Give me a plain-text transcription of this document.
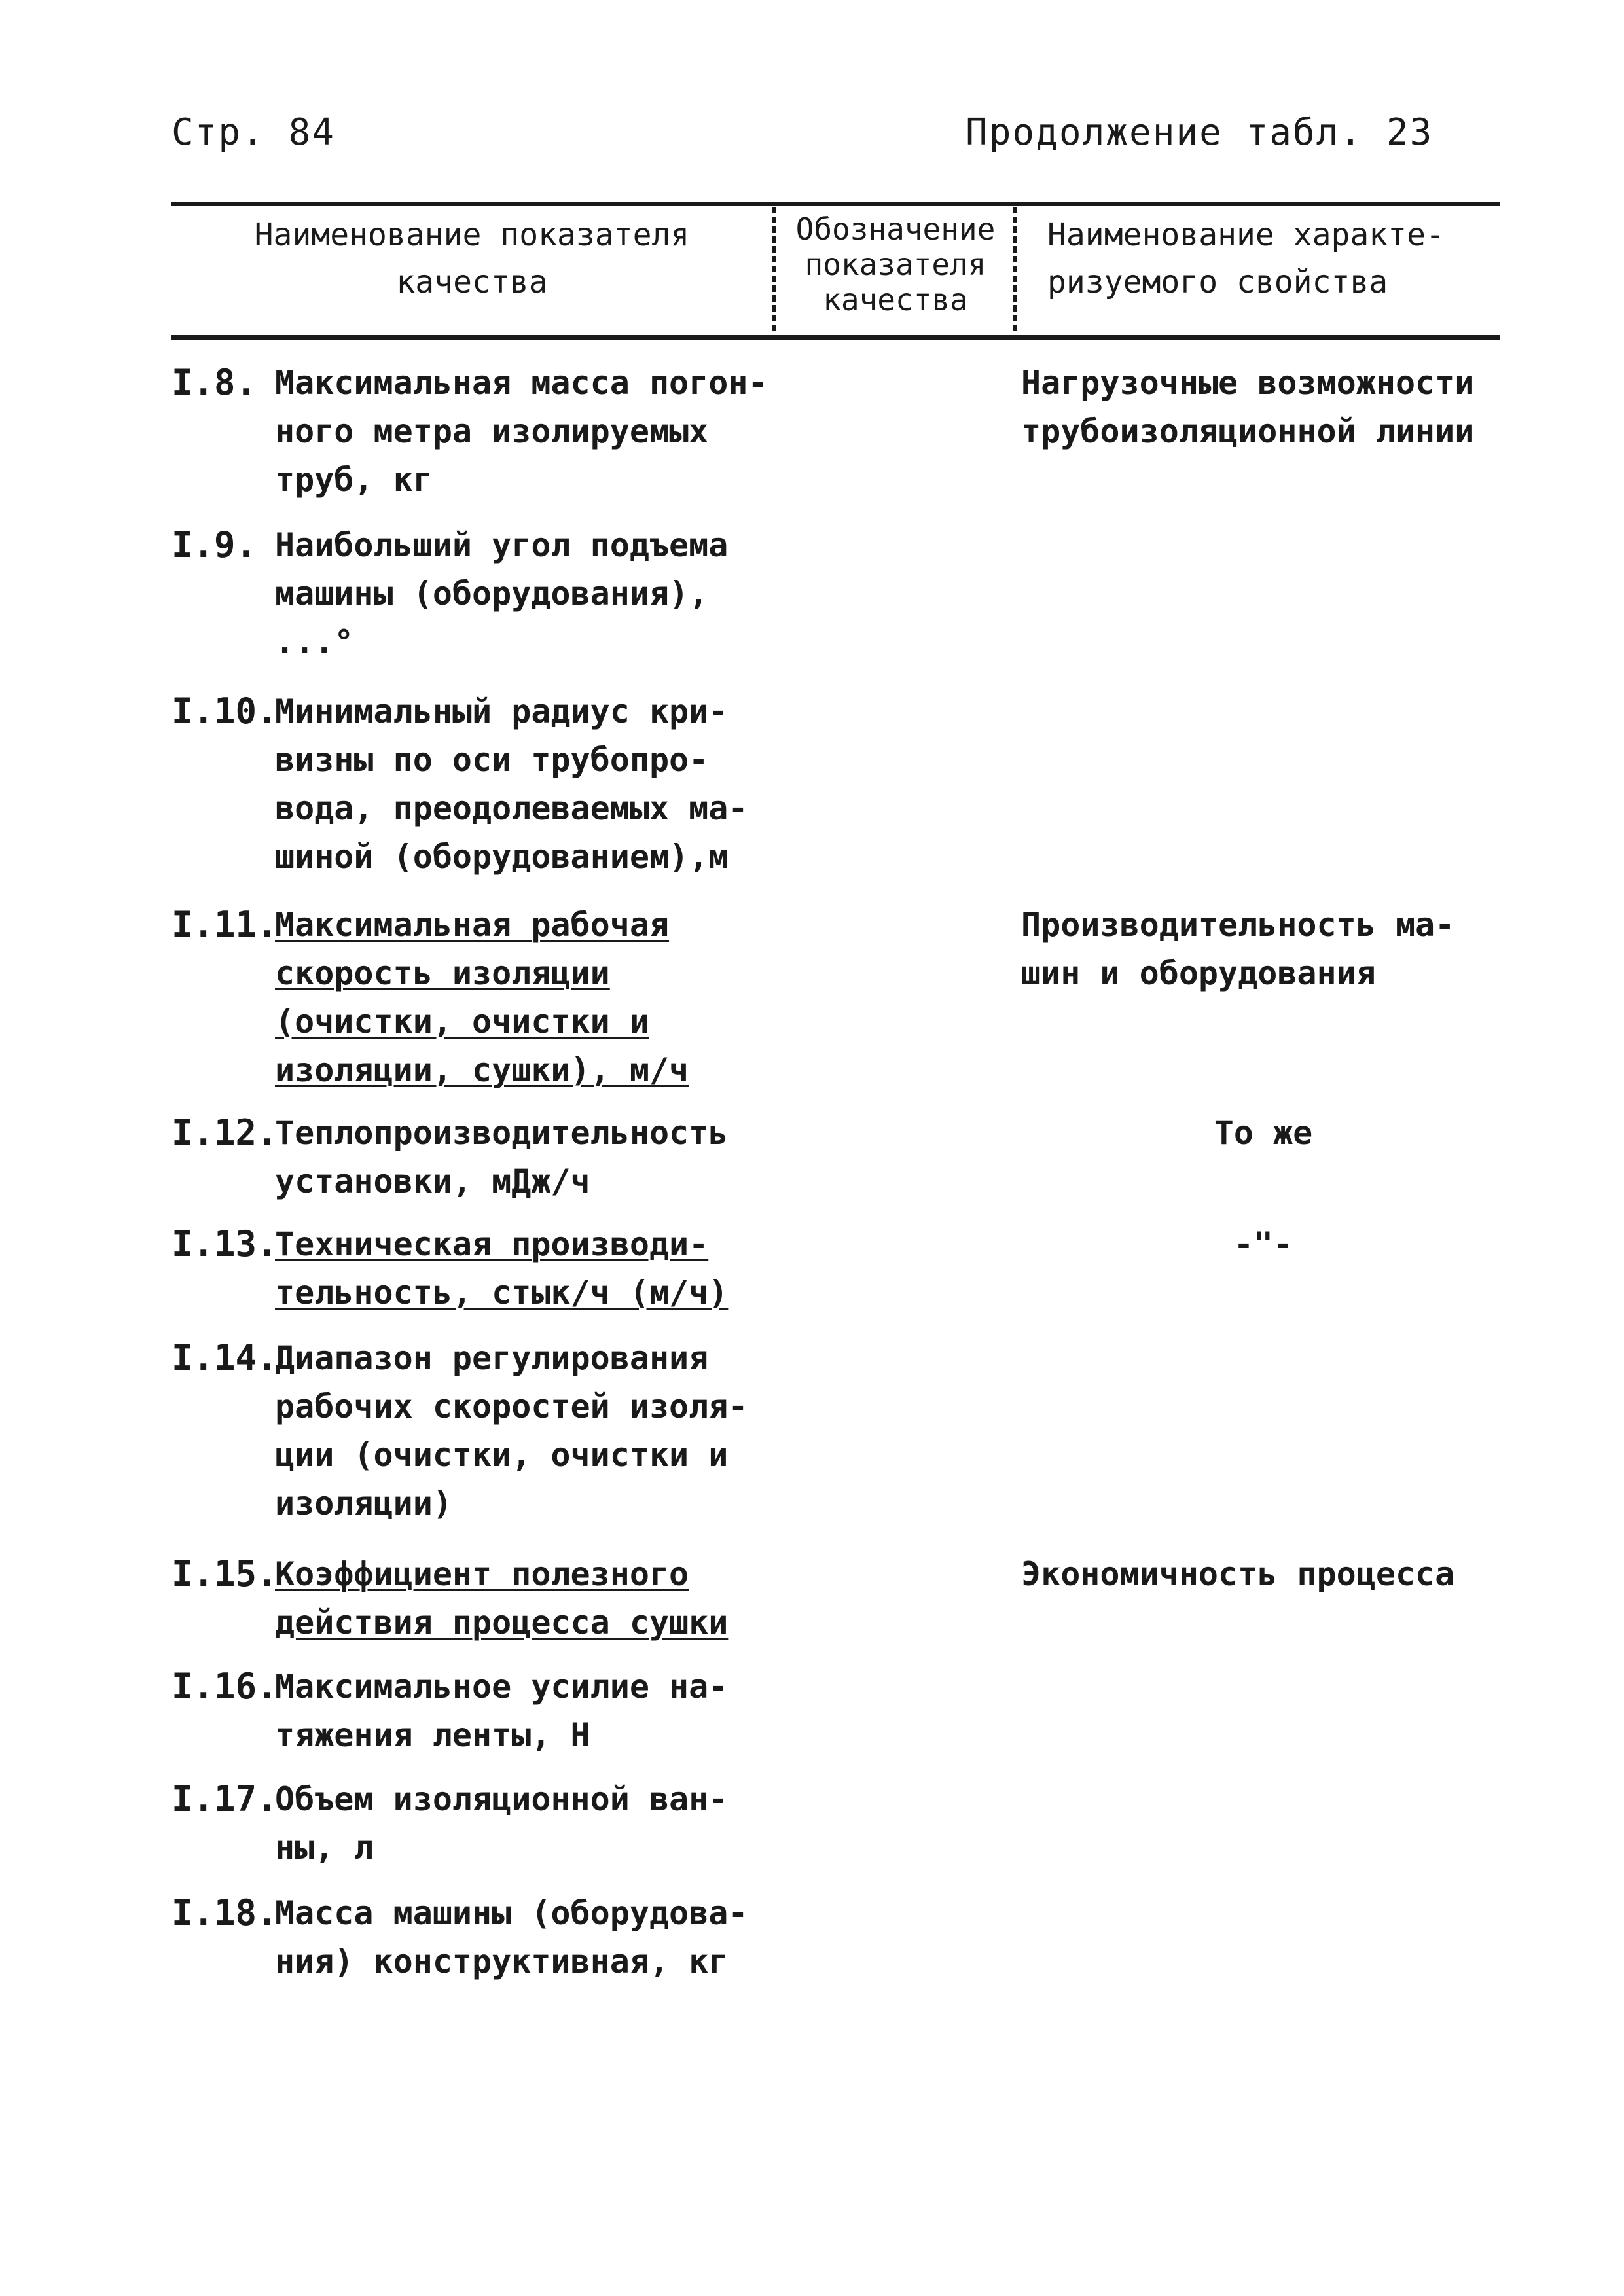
Стр. 84	Продолжение табл. 23
Наименование показателя
качества
Обозначение
показателя
качества
Наименование характе-
ризуемого свойства
I.8. Максимальная масса погон-
ного метра изолируемых
труб, кг
Нагрузочные возможности
трубоизоляционной линии
I.9. Наибольший угол подъема
машины (оборудования),
...°
I.10.
Минимальный радиус кри-
визны по оси трубопро-
вода, преодолеваемых ма-
шиной (оборудованием),м
I.11.
Максимальная рабочая
скорость изоляции
(очистки, очистки и
изоляции, сушки), м/ч
Производительность ма-
шин и оборудования
I.12.
Теплопроизводительность
установки, мДж/ч
То же
I.13.
Техническая производи-
тельность, стык/ч (м/ч)
-"-
I.14.
Диапазон регулирования
рабочих скоростей изоля-
ции (очистки, очистки и
изоляции)
I.15.
Коэффициент полезного
действия процесса сушки
Экономичность процесса
I.16.
Максимальное усилие на-
тяжения ленты, Н
I.17.
Объем изоляционной ван-
ны, л
I.18.
Масса машины (оборудова-
ния) конструктивная, кг
